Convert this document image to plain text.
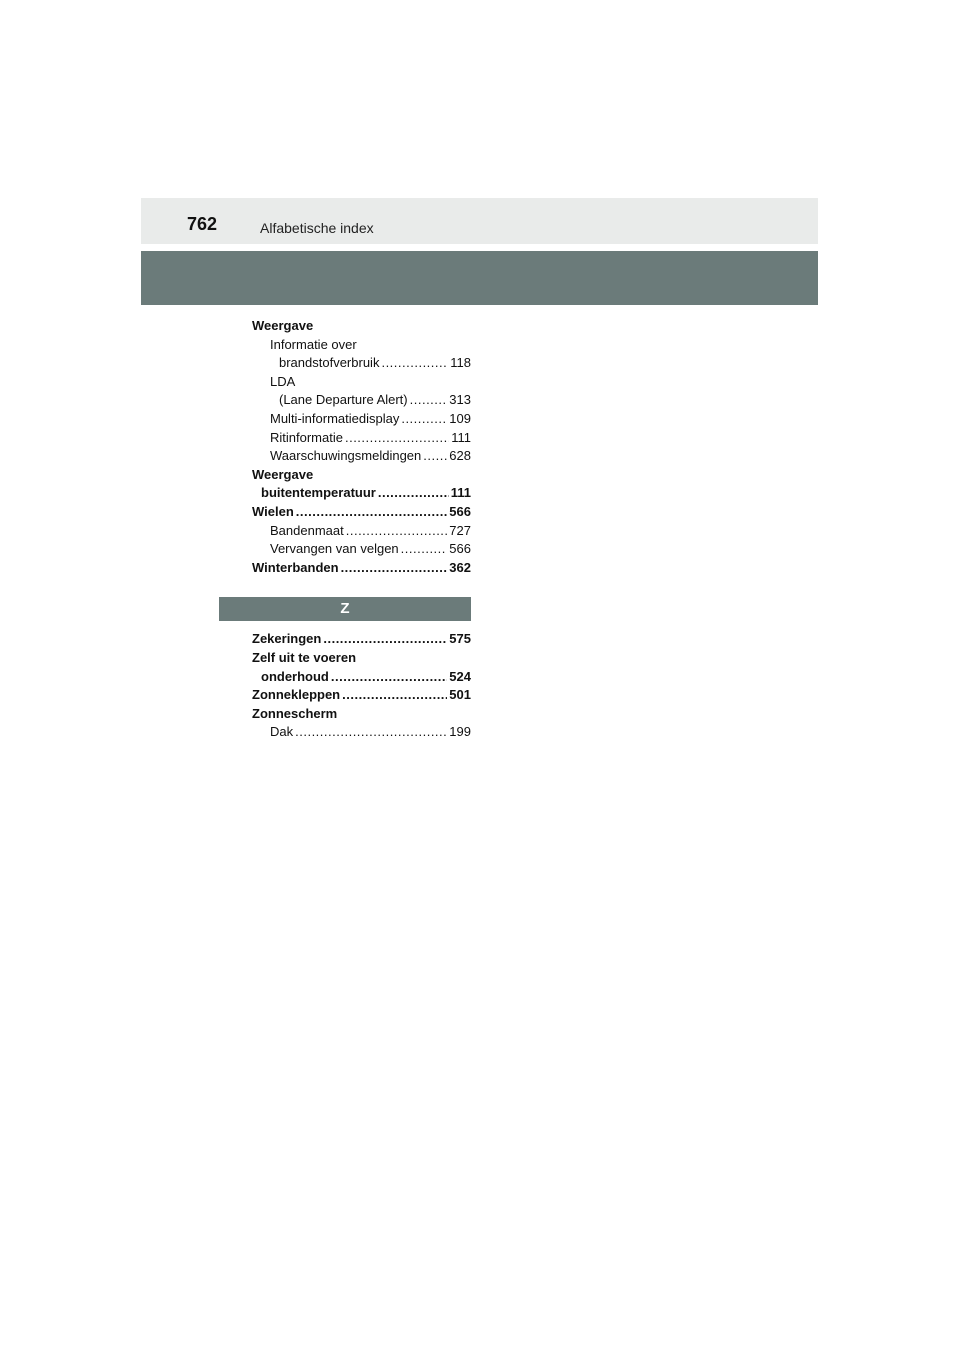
762	Alfabetische index
Weergave
Informatie over
brandstofverbruik .....	118
LDA
(Lane Departure Alert) .....	313
Multi-informatiedisplay .....	109
Ritinformatie .....	111
Waarschuwingsmeldingen ..... 628
Weergave
buitentemperatuur .....	111
Wielen .....	566
Bandenmaat .....	727
Vervangen van velgen .....	566
Winterbanden .....	362
Z
Zekeringen .....	575
Zelf uit te voeren
onderhoud .....	524
Zonnekleppen .....	501
Zonnescherm
Dak .....	199
